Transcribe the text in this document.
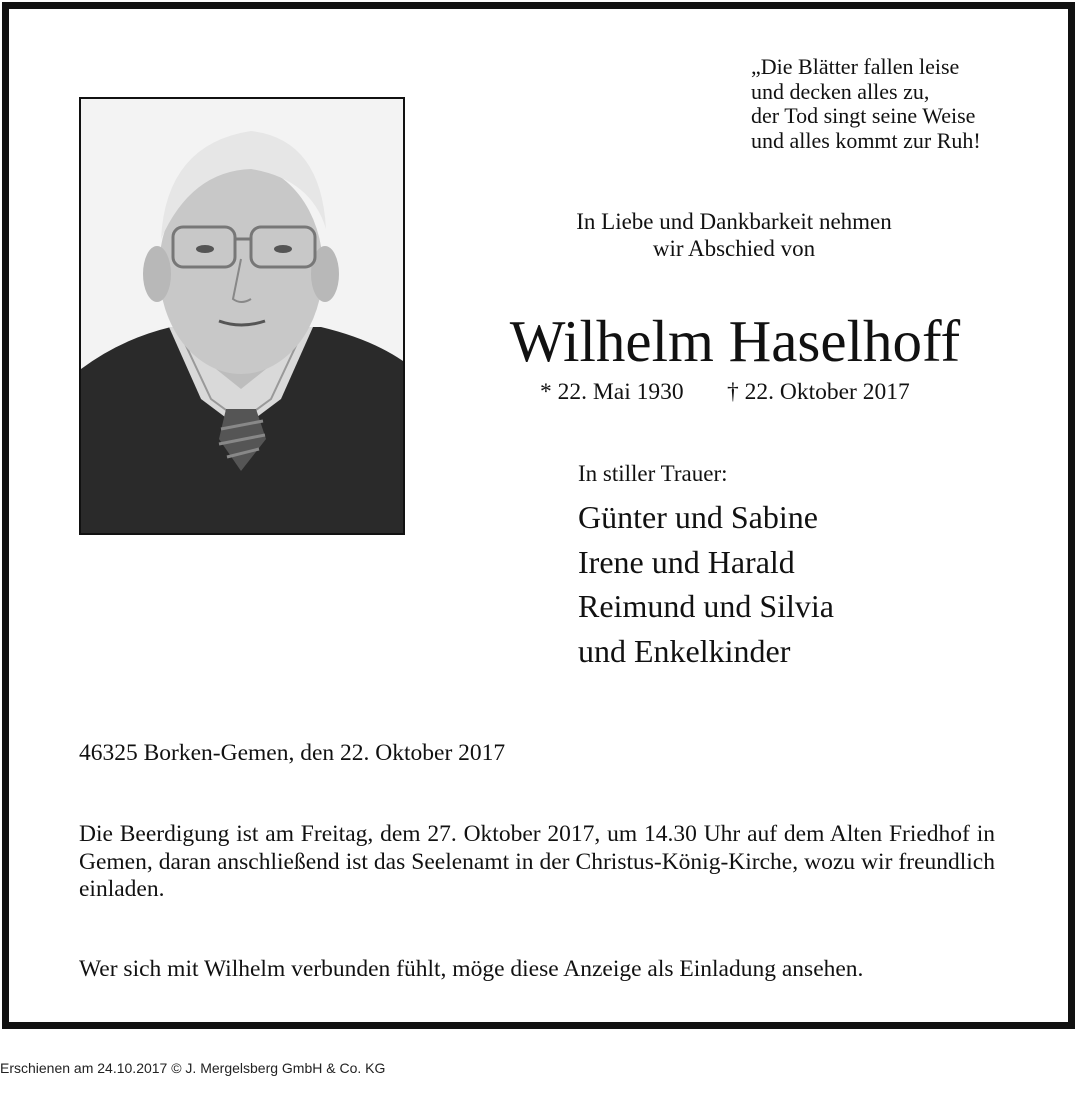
„Die Blätter fallen leise
und decken alles zu,
der Tod singt seine Weise
und alles kommt zur Ruh!
In Liebe und Dankbarkeit nehmen
wir Abschied von
Wilhelm Haselhoff
* 22. Mai 1930 † 22. Oktober 2017
In stiller Trauer:
Günter und Sabine
Irene und Harald
Reimund und Silvia
und Enkelkinder
46325 Borken-Gemen, den 22. Oktober 2017
Die Beerdigung ist am Freitag, dem 27. Oktober 2017, um 14.30 Uhr auf dem Alten Friedhof in Gemen, daran anschließend ist das Seelenamt in der Christus-König-Kirche, wozu wir freundlich einladen.
Wer sich mit Wilhelm verbunden fühlt, möge diese Anzeige als Einladung ansehen.
Erschienen am 24.10.2017 © J. Mergelsberg GmbH & Co. KG
